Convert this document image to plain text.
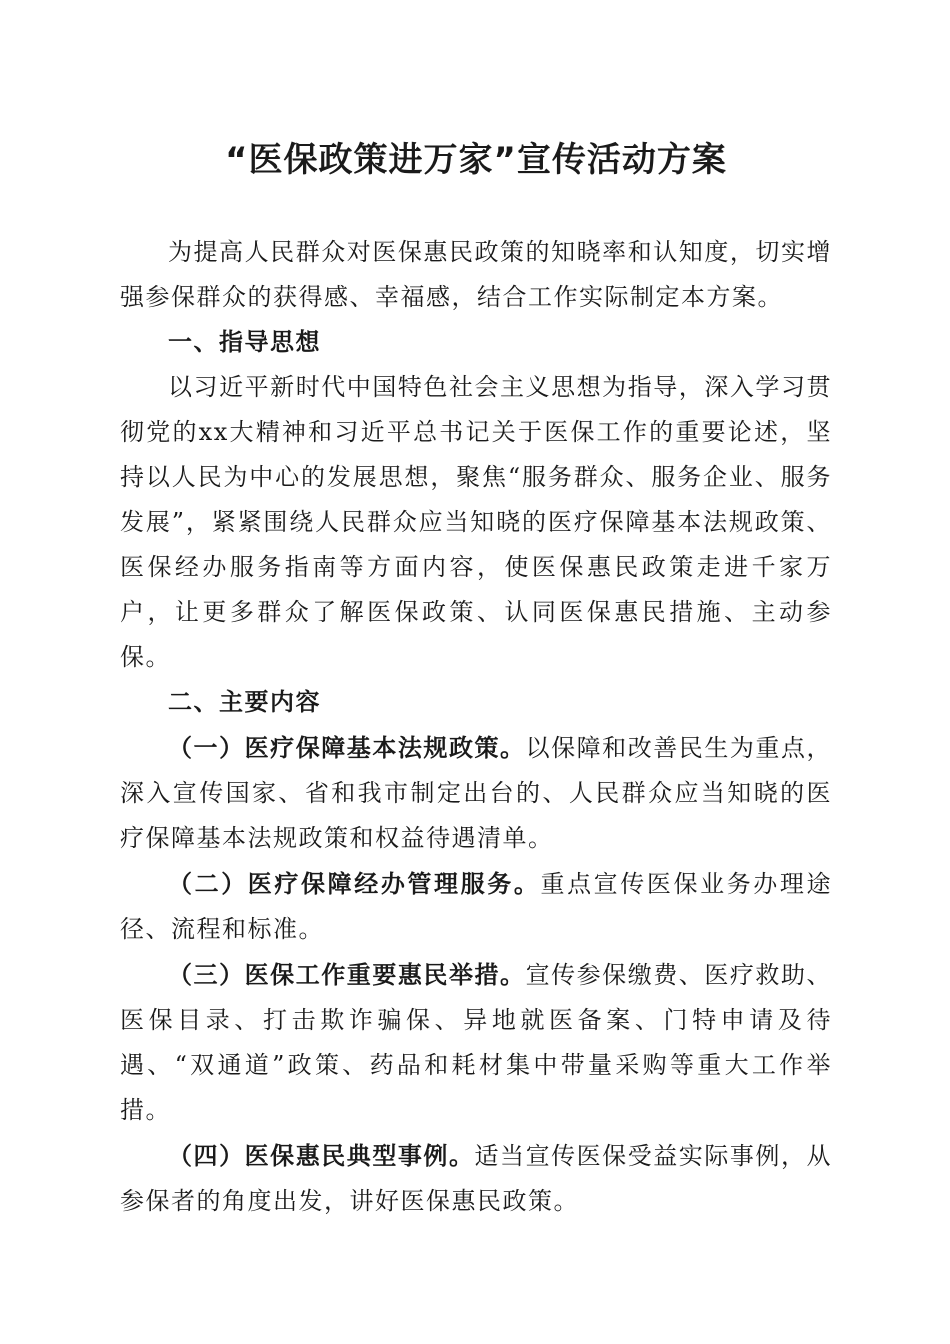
“医保政策进万家”宣传活动方案

为提高人民群众对医保惠民政策的知晓率和认知度，切实增强参保群众的获得感、幸福感，结合工作实际制定本方案。

一、指导思想

以习近平新时代中国特色社会主义思想为指导，深入学习贯彻党的xx大精神和习近平总书记关于医保工作的重要论述，坚持以人民为中心的发展思想，聚焦“服务群众、服务企业、服务发展”，紧紧围绕人民群众应当知晓的医疗保障基本法规政策、医保经办服务指南等方面内容，使医保惠民政策走进千家万户，让更多群众了解医保政策、认同医保惠民措施、主动参保。

二、主要内容

（一）医疗保障基本法规政策。以保障和改善民生为重点，深入宣传国家、省和我市制定出台的、人民群众应当知晓的医疗保障基本法规政策和权益待遇清单。

（二）医疗保障经办管理服务。重点宣传医保业务办理途径、流程和标准。

（三）医保工作重要惠民举措。宣传参保缴费、医疗救助、医保目录、打击欺诈骗保、异地就医备案、门特申请及待遇、“双通道”政策、药品和耗材集中带量采购等重大工作举措。

（四）医保惠民典型事例。适当宣传医保受益实际事例，从参保者的角度出发，讲好医保惠民政策。
